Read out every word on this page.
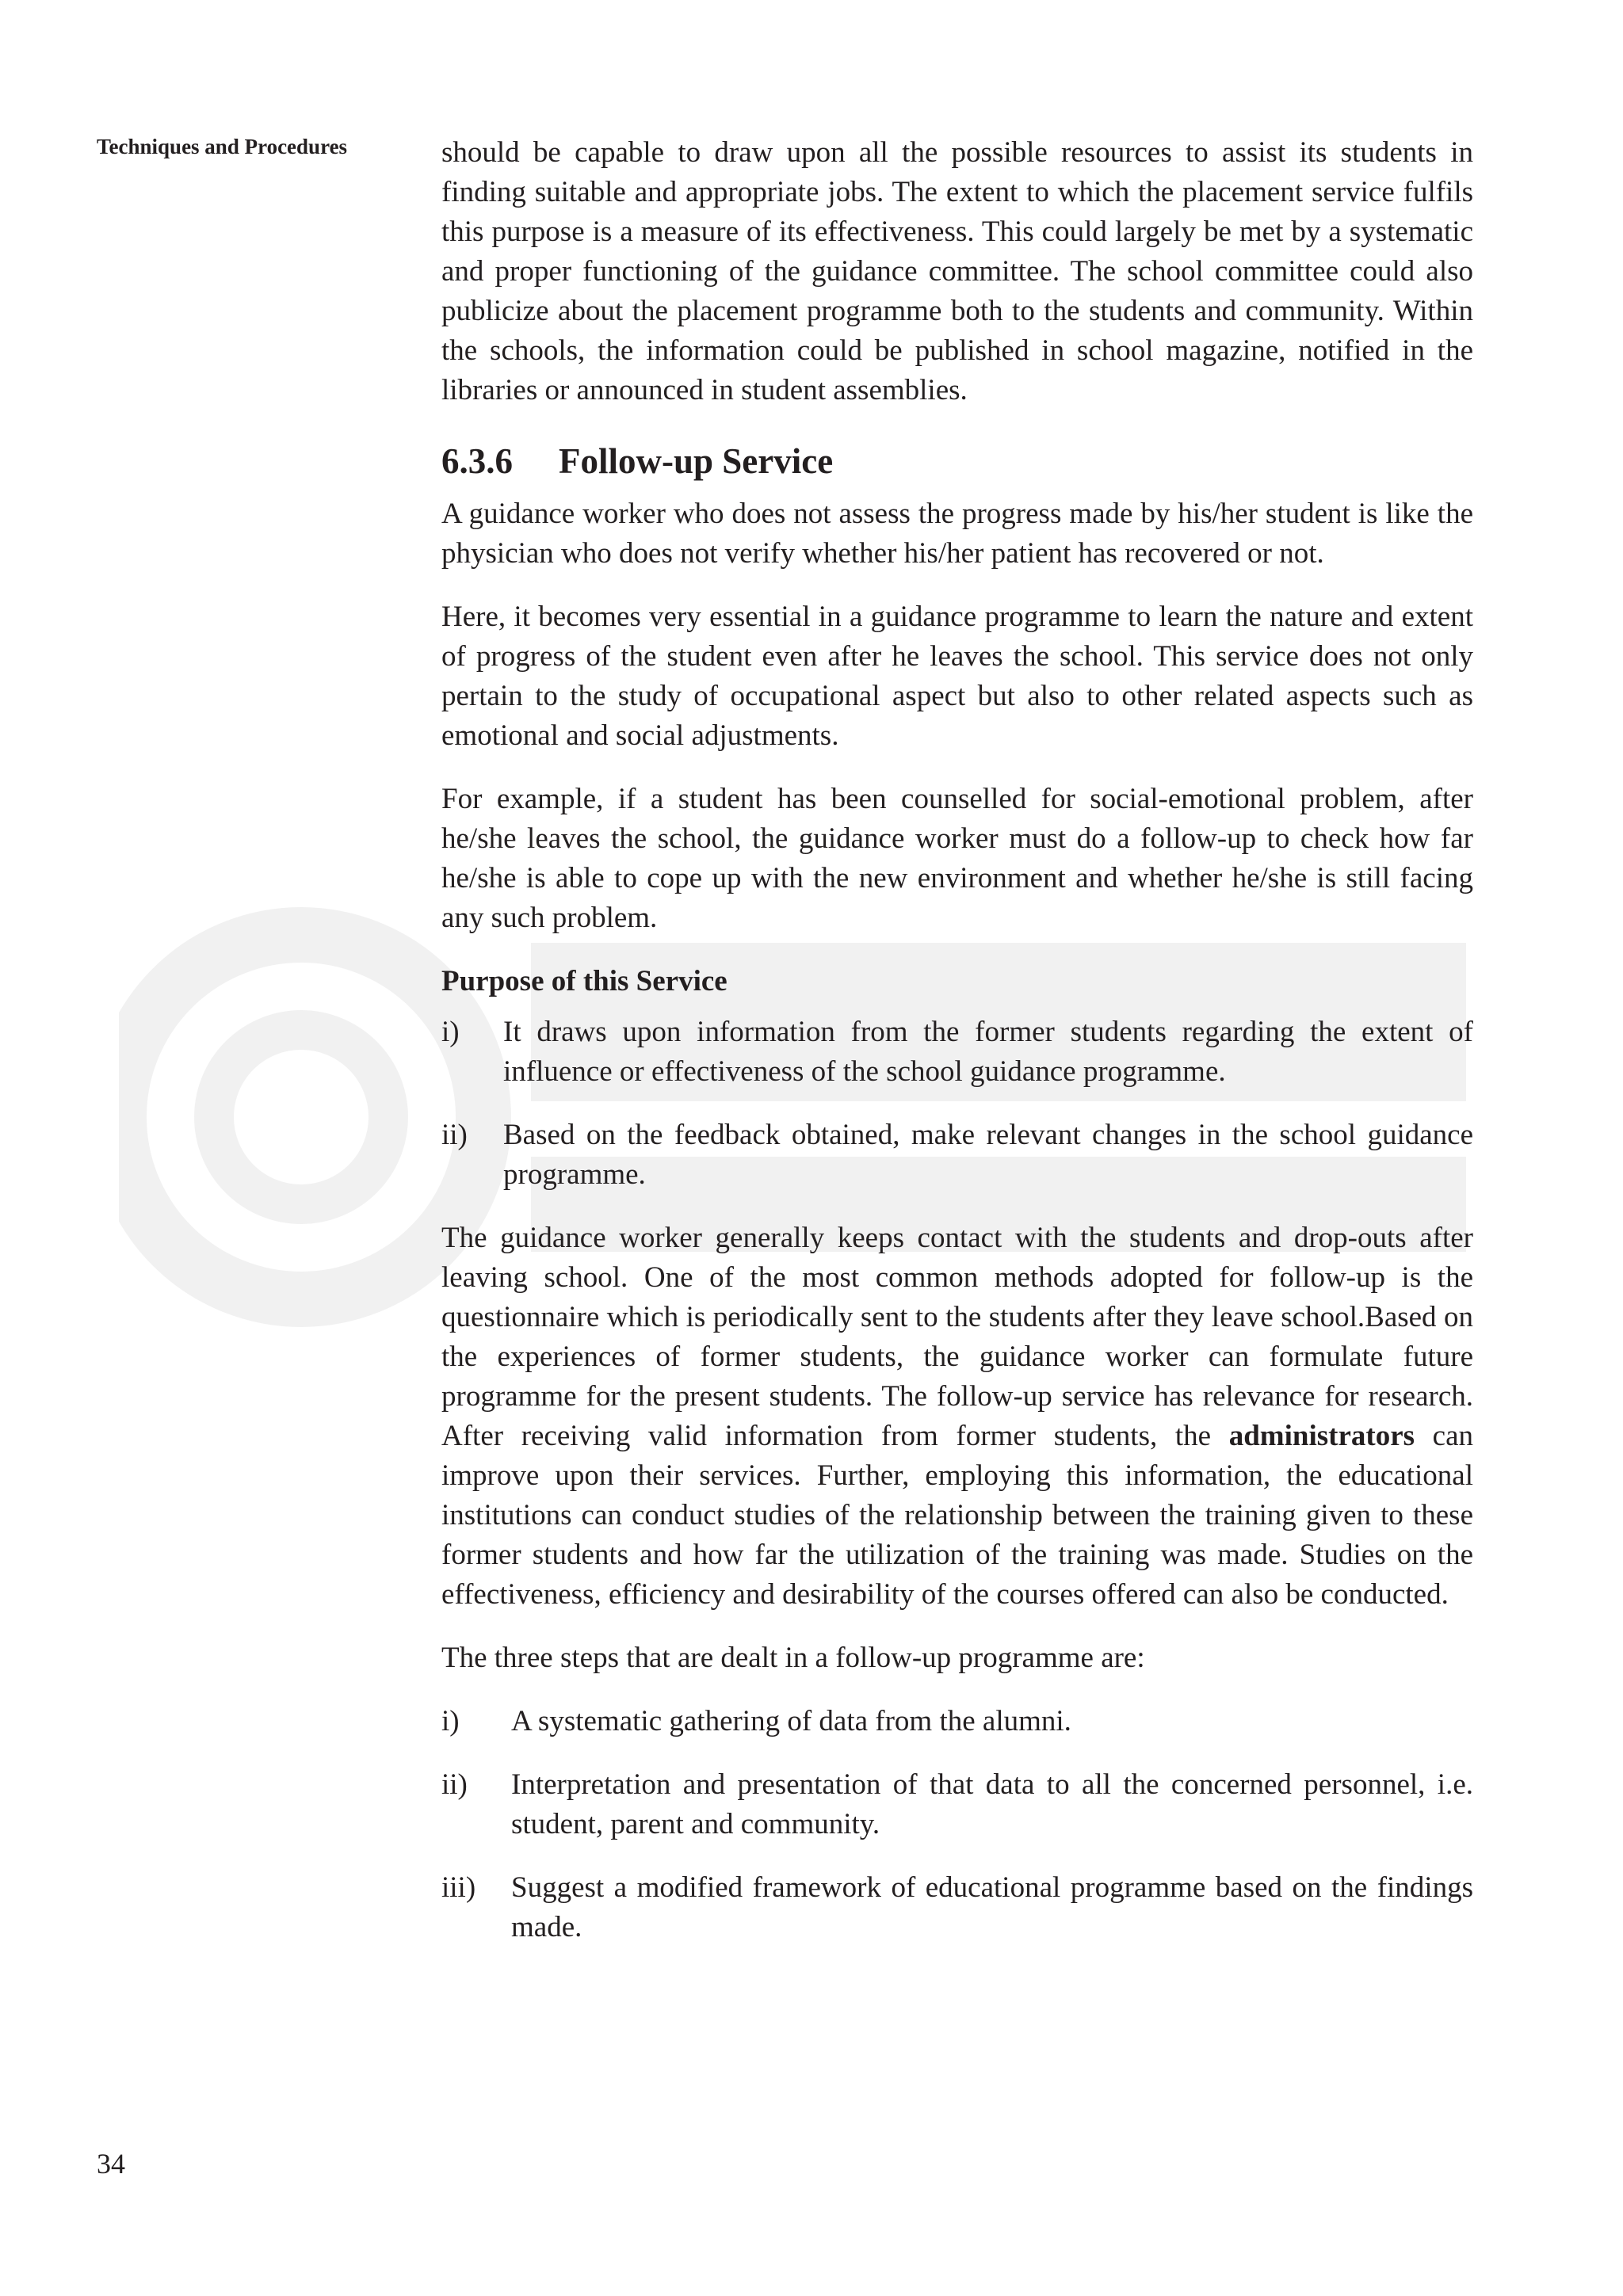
Techniques and Procedures	should be capable to draw upon all the possible resources to assist its students in finding suitable and appropriate jobs. The extent to which the placement service fulfils this purpose is a measure of its effectiveness. This could largely be met by a systematic and proper functioning of the guidance committee. The school committee could also publicize about the placement programme both to the students and community. Within the schools, the information could be published in school magazine, notified in the libraries or announced in student assemblies.

6.3.6 Follow-up Service

A guidance worker who does not assess the progress made by his/her student is like the physician who does not verify whether his/her patient has recovered or not.

Here, it becomes very essential in a guidance programme to learn the nature and extent of progress of the student even after he leaves the school. This service does not only pertain to the study of occupational aspect but also to other related aspects such as emotional and social adjustments.

For example, if a student has been counselled for social-emotional problem, after he/she leaves the school, the guidance worker must do a follow-up to check how far he/she is able to cope up with the new environment and whether he/she is still facing any such problem.

Purpose of this Service
i) It draws upon information from the former students regarding the extent of influence or effectiveness of the school guidance programme.
ii) Based on the feedback obtained, make relevant changes in the school guidance programme.

The guidance worker generally keeps contact with the students and drop-outs after leaving school. One of the most common methods adopted for follow-up is the questionnaire which is periodically sent to the students after they leave school.Based on the experiences of former students, the guidance worker can formulate future programme for the present students. The follow-up service has relevance for research. After receiving valid information from former students, the administrators can improve upon their services. Further, employing this information, the educational institutions can conduct studies of the relationship between the training given to these former students and how far the utilization of the training was made. Studies on the effectiveness, efficiency and desirability of the courses offered can also be conducted.

The three steps that are dealt in a follow-up programme are:

i) A systematic gathering of data from the alumni.
ii) Interpretation and presentation of that data to all the concerned personnel, i.e. student, parent and community.
iii) Suggest a modified framework of educational programme based on the findings made.
34
